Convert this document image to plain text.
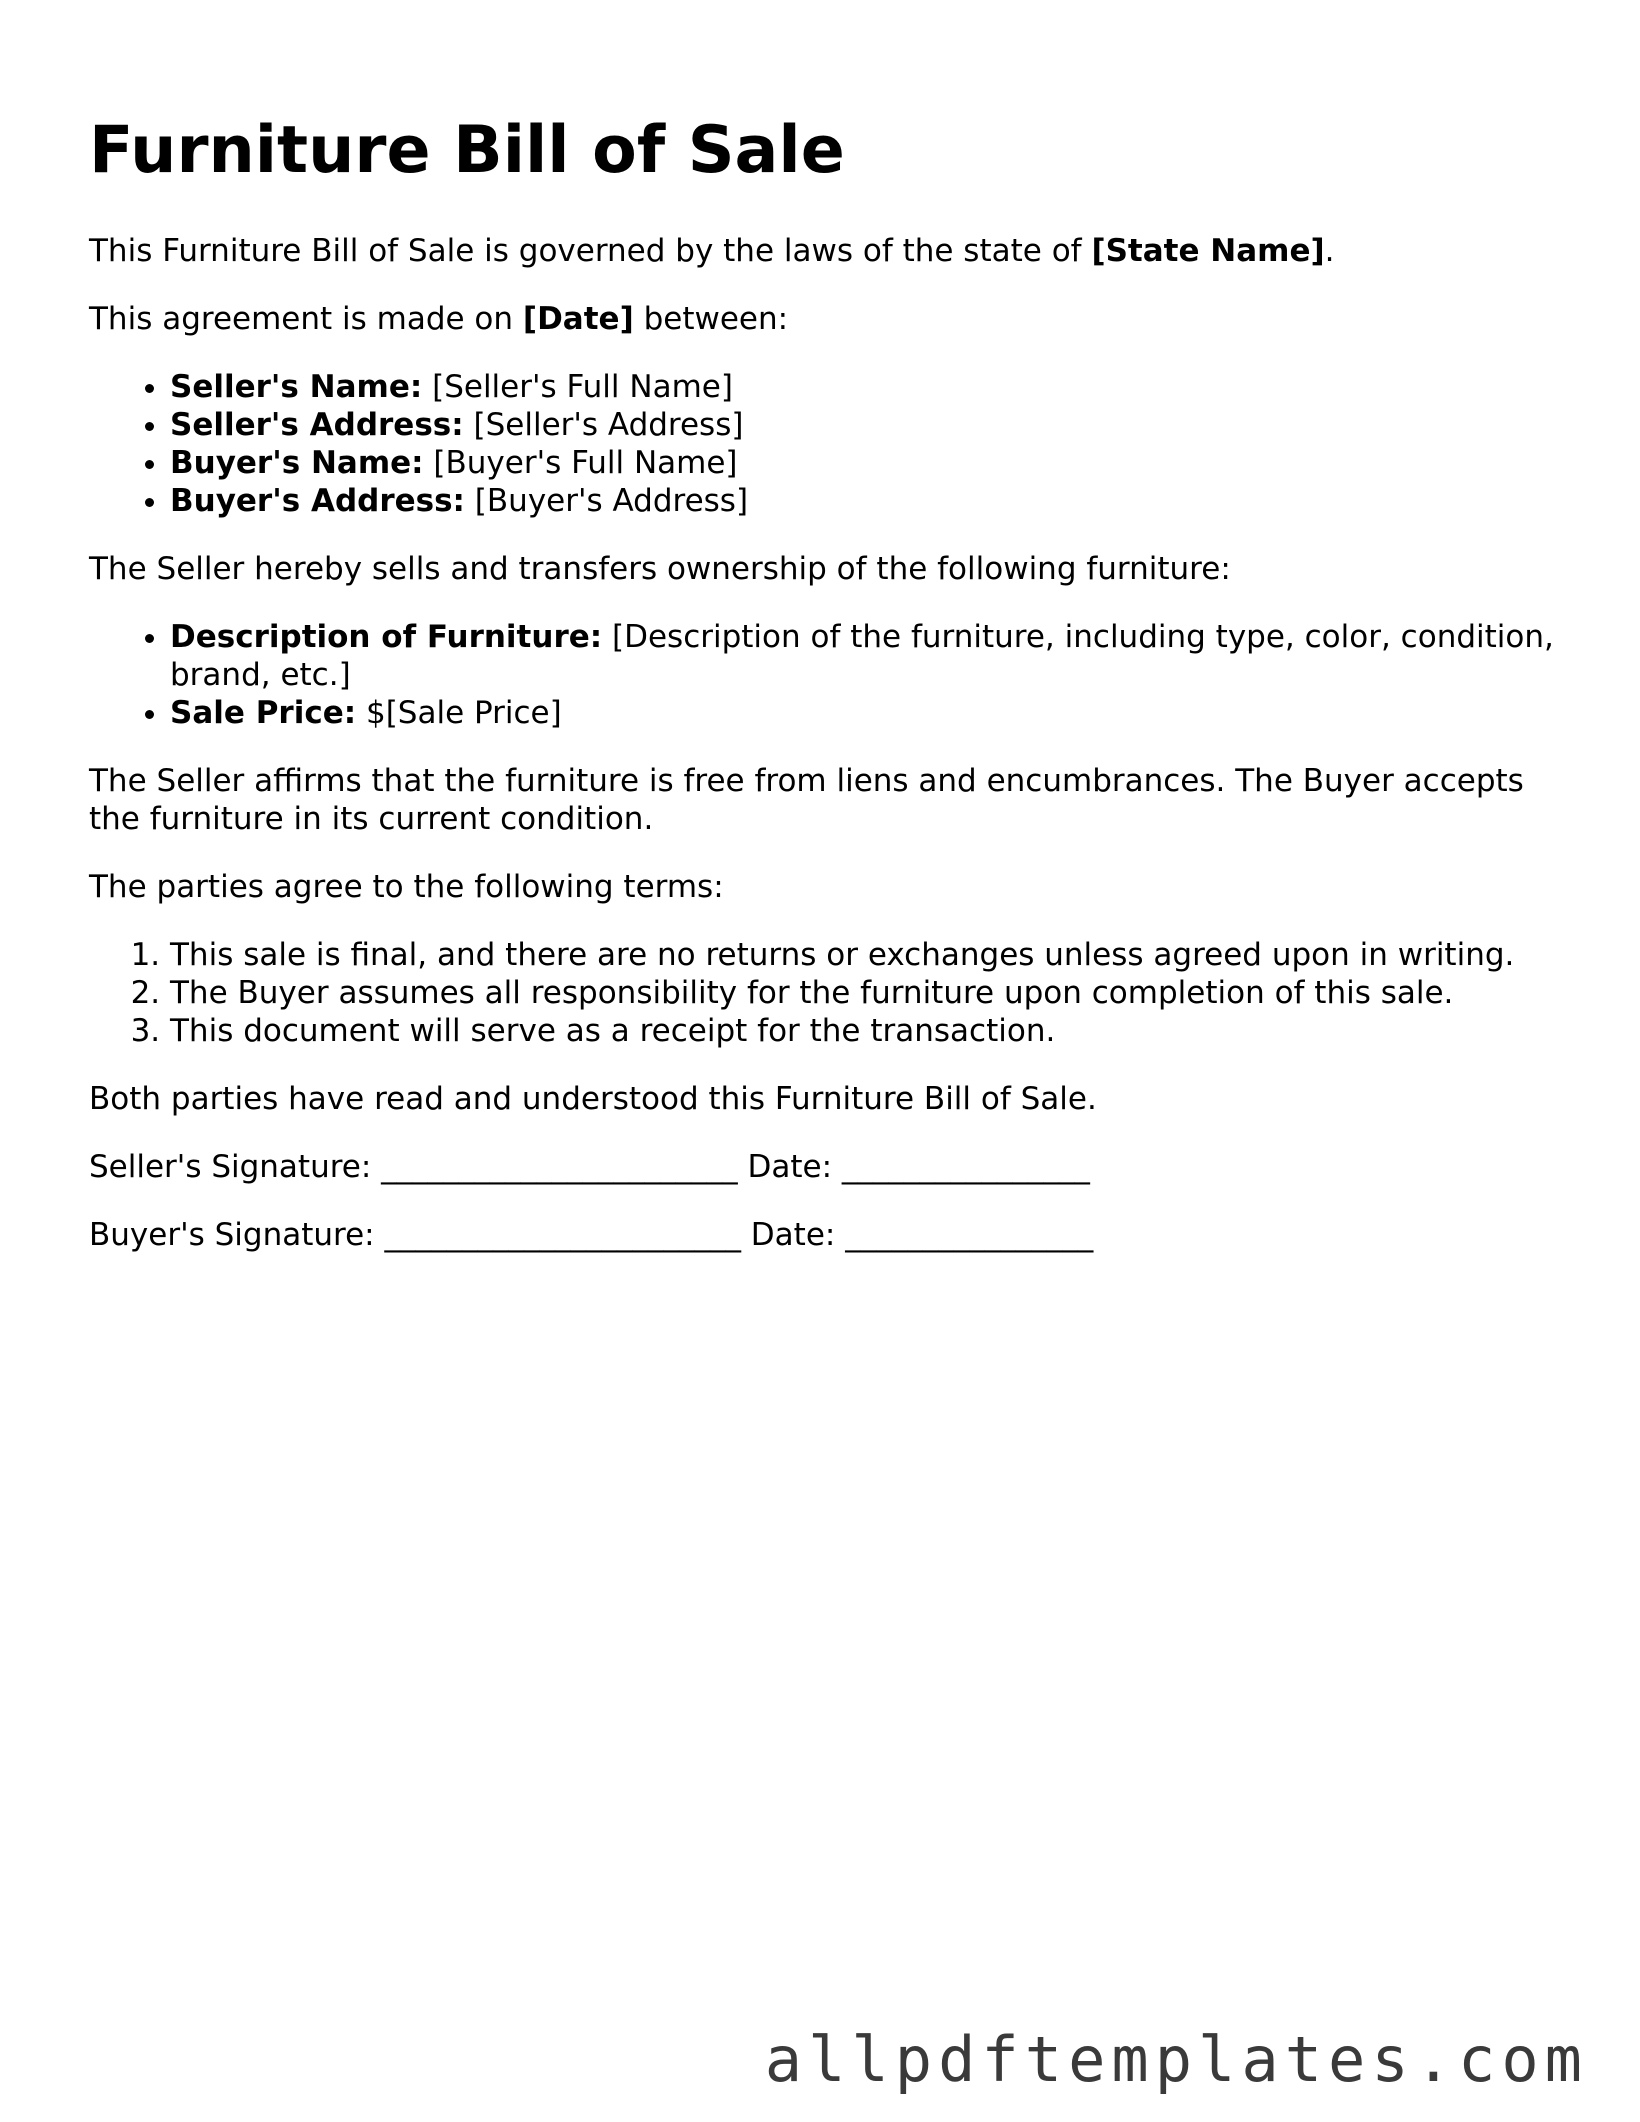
Furniture Bill of Sale

This Furniture Bill of Sale is governed by the laws of the state of [State Name].

This agreement is made on [Date] between:

• Seller's Name: [Seller's Full Name]
• Seller's Address: [Seller's Address]
• Buyer's Name: [Buyer's Full Name]
• Buyer's Address: [Buyer's Address]

The Seller hereby sells and transfers ownership of the following furniture:

• Description of Furniture: [Description of the furniture, including type, color, condition, brand, etc.]
• Sale Price: $[Sale Price]

The Seller affirms that the furniture is free from liens and encumbrances. The Buyer accepts the furniture in its current condition.

The parties agree to the following terms:

1. This sale is final, and there are no returns or exchanges unless agreed upon in writing.
2. The Buyer assumes all responsibility for the furniture upon completion of this sale.
3. This document will serve as a receipt for the transaction.

Both parties have read and understood this Furniture Bill of Sale.

Seller's Signature: _______________________ Date: ________________

Buyer's Signature: _______________________ Date: ________________

allpdftemplates.com
